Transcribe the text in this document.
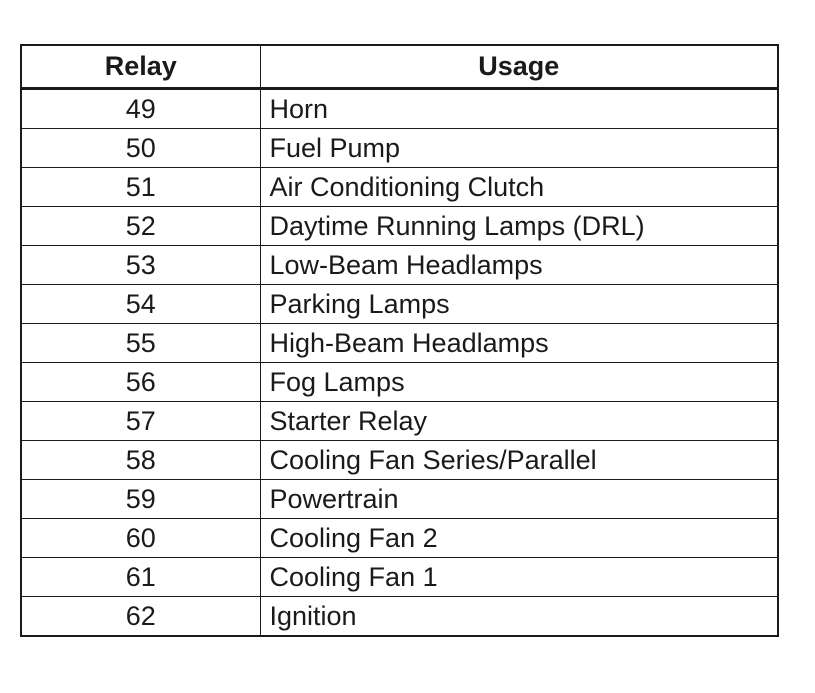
Relay	Usage
49	Horn
50	Fuel Pump
51	Air Conditioning Clutch
52	Daytime Running Lamps (DRL)
53	Low-Beam Headlamps
54	Parking Lamps
55	High-Beam Headlamps
56	Fog Lamps
57	Starter Relay
58	Cooling Fan Series/Parallel
59	Powertrain
60	Cooling Fan 2
61	Cooling Fan 1
62	Ignition
